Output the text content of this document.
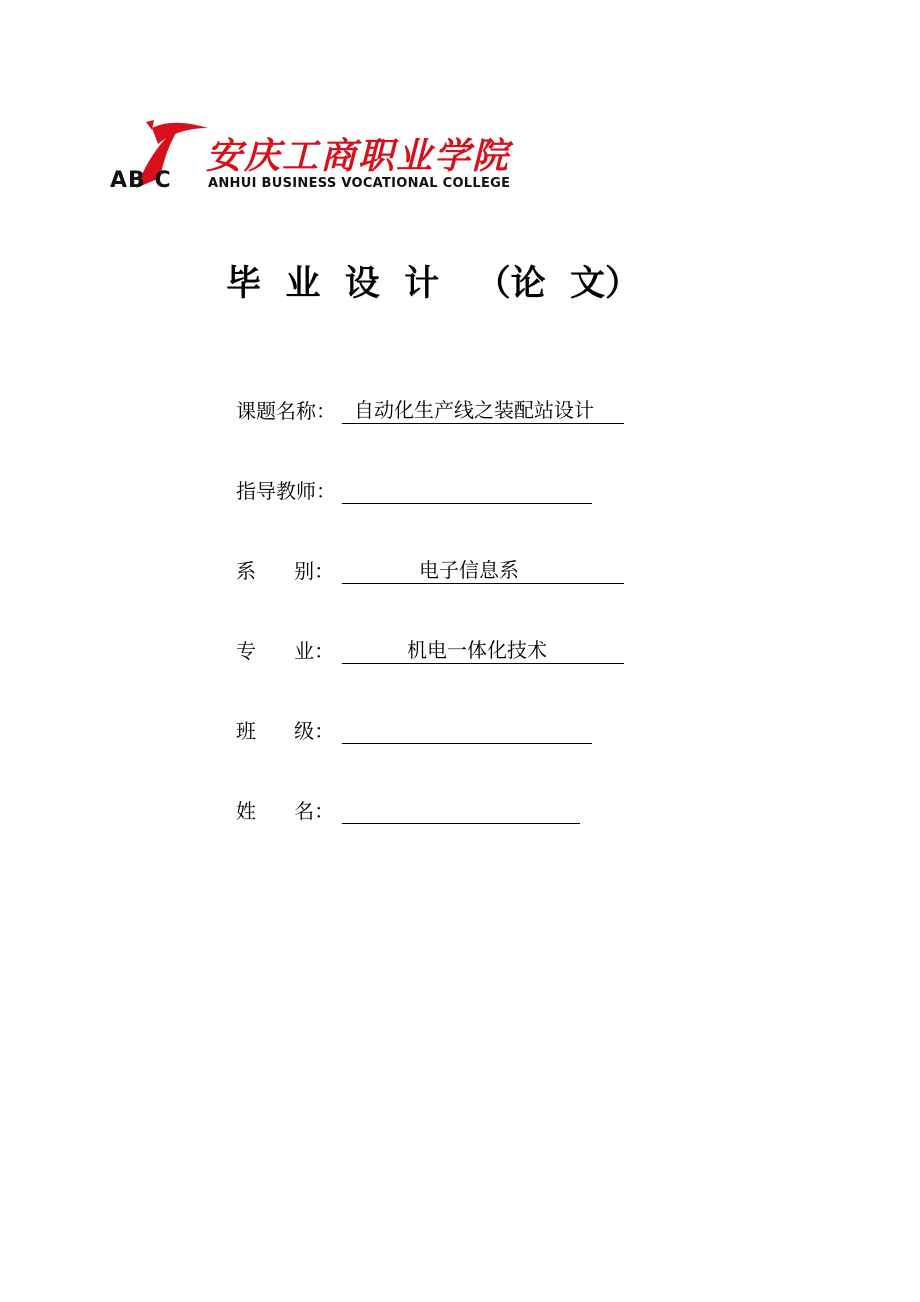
AB C
安庆工商职业学院
ANHUI BUSINESS VOCATIONAL COLLEGE
毕  业  设  计   （论  文）
课题名称： 自动化生产线之装配站设计
指导教师：
系      别：	电子信息系
专      业：	机电一体化技术
班      级：
姓      名：
